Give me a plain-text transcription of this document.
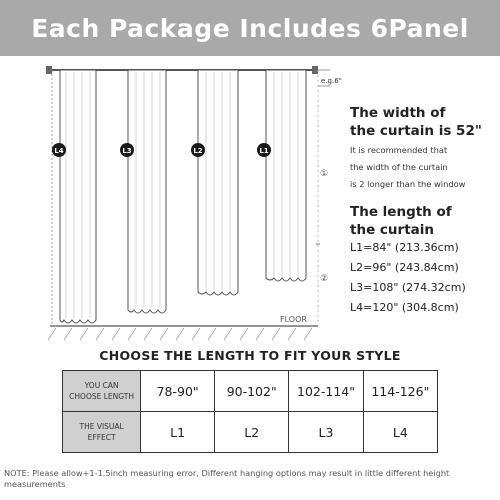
Each Package Includes 6Panel
e.g.6"
L4	L3	L2	L1
①
②
FLOOR
The width of
the curtain is 52"
It is recommended that
the width of the curtain
is 2 longer than the window
The length of
the curtain
L1=84" (213.36cm)
L2=96" (243.84cm)
L3=108" (274.32cm)
L4=120" (304.8cm)
CHOOSE THE LENGTH TO FIT YOUR STYLE
YOU CAN
CHOOSE LENGTH	78-90"	90-102"	102-114"	114-126"

THE VISUAL
EFFECT	L1	L2	L3	L4
NOTE: Please allow+1-1.5inch measuring error, Different hanging options may result in little different height measurements
